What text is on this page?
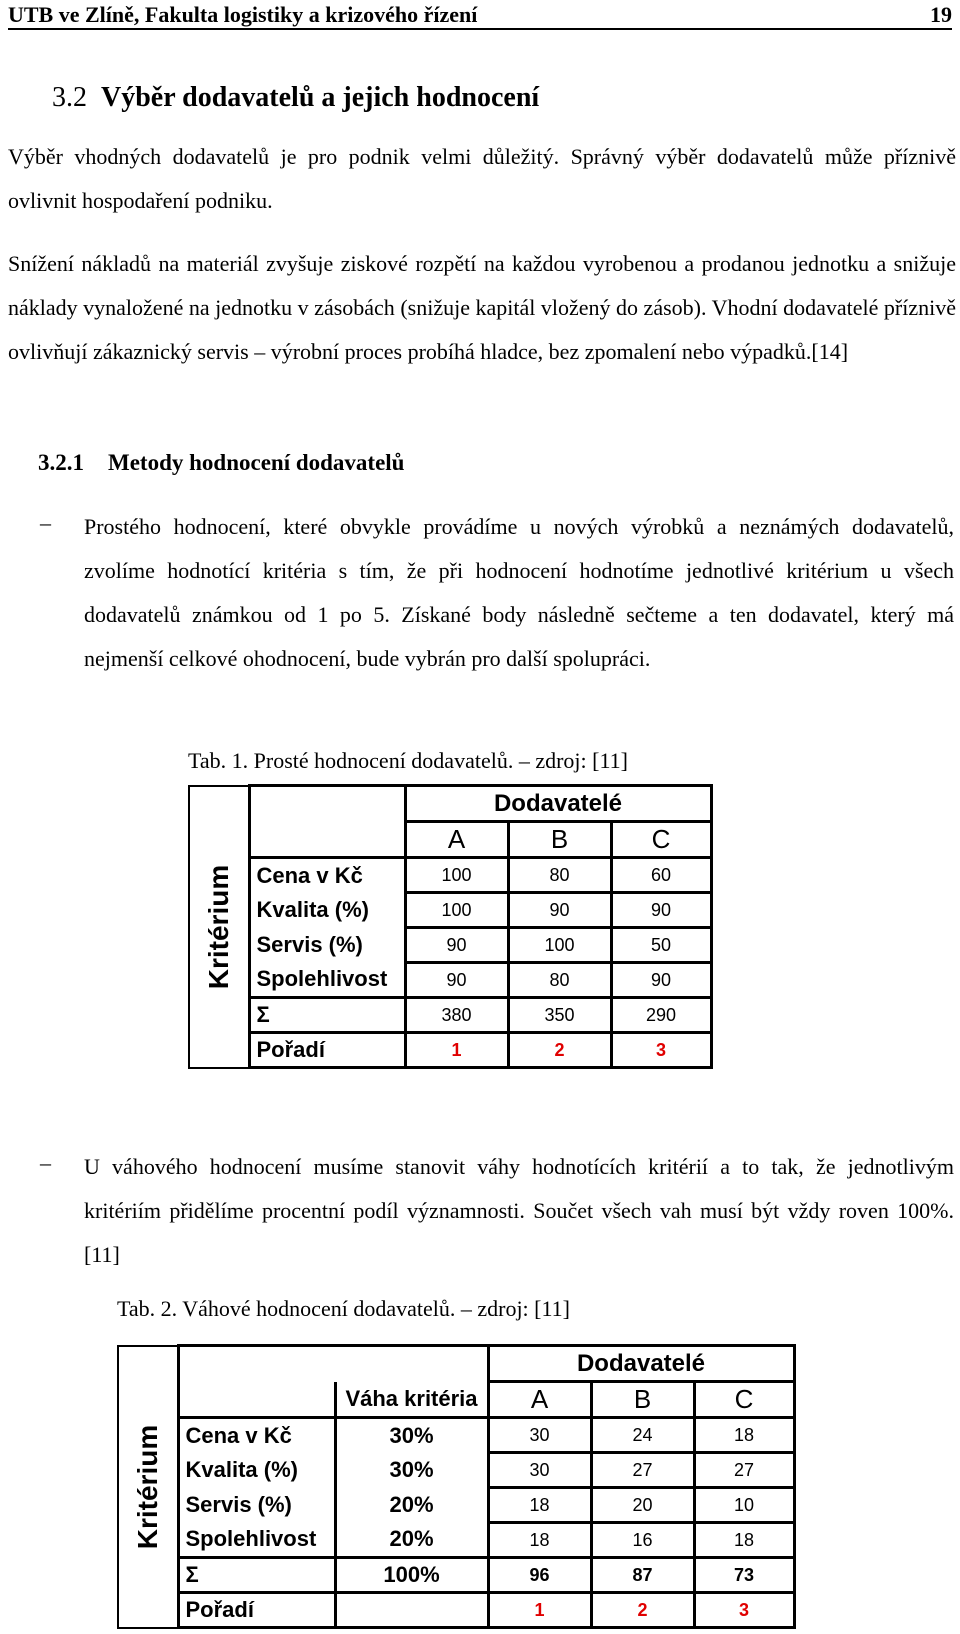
UTB ve Zlíně, Fakulta logistiky a krizového řízení	19
3.2 Výběr dodavatelů a jejich hodnocení

Výběr vhodných dodavatelů je pro podnik velmi důležitý. Správný výběr dodavatelů může příznivě ovlivnit hospodaření podniku.

Snížení nákladů na materiál zvyšuje ziskové rozpětí na každou vyrobenou a prodanou jednotku a snižuje náklady vynaložené na jednotku v zásobách (snižuje kapitál vložený do zásob). Vhodní dodavatelé příznivě ovlivňují zákaznický servis – výrobní proces probíhá hladce, bez zpomalení nebo výpadků.[14]

3.2.1 Metody hodnocení dodavatelů
– Prostého hodnocení, které obvykle provádíme u nových výrobků a neznámých dodavatelů, zvolíme hodnotící kritéria s tím, že při hodnocení hodnotíme jednotlivé kritérium u všech dodavatelů známkou od 1 po 5. Získané body následně sečteme a ten dodavatel, který má nejmenší celkové ohodnocení, bude vybrán pro další spolupráci.

Tab. 1. Prosté hodnocení dodavatelů. – zdroj: [11]
Kritérium		Dodavatelé		
		A	B	C
	Cena v Kč	100	80	60
	Kvalita (%)	100	90	90
	Servis (%)	90	100	50
	Spolehlivost	90	80	90
	Σ	380	350	290
	Pořadí	1	2	3
– U váhového hodnocení musíme stanovit váhy hodnotících kritérií a to tak, že jednotlivým kritériím přidělíme procentní podíl významnosti. Součet všech vah musí být vždy roven 100%.[11]

Tab. 2. Váhové hodnocení dodavatelů. – zdroj: [11]
Kritérium			Dodavatelé		
		Váha kritéria	A	B	C
	Cena v Kč	30%	30	24	18
	Kvalita (%)	30%	30	27	27
	Servis (%)	20%	18	20	10
	Spolehlivost	20%	18	16	18
	Σ	100%	96	87	73
	Pořadí		1	2	3
